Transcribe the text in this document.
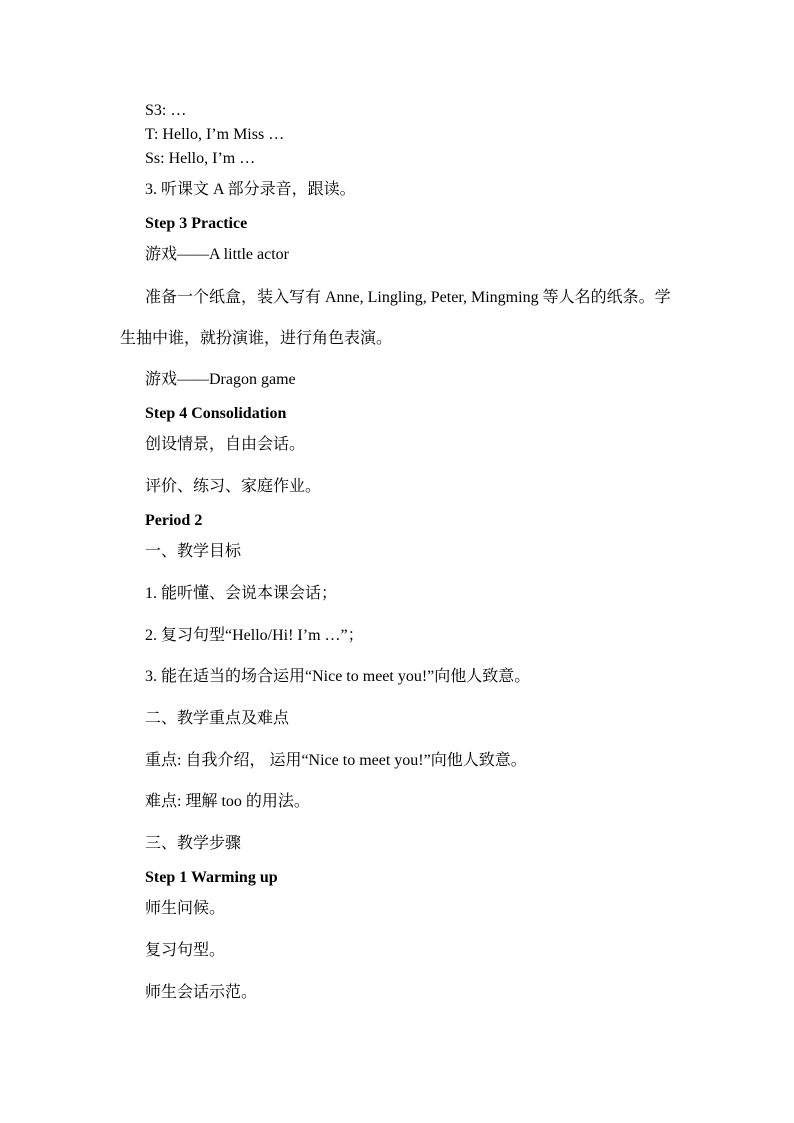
S3: …
T: Hello, I’m Miss …
Ss: Hello, I’m …
3. 听课文 A 部分录音，跟读。
Step 3 Practice
游戏——A little actor
准备一个纸盒，装入写有 Anne, Lingling, Peter, Mingming 等人名的纸条。学生抽中谁，就扮演谁，进行角色表演。
游戏——Dragon game
Step 4 Consolidation
创设情景，自由会话。
评价、练习、家庭作业。
Period 2
一、教学目标
1. 能听懂、会说本课会话；
2. 复习句型“Hello/Hi! I’m …”；
3. 能在适当的场合运用“Nice to meet you!”向他人致意。
二、教学重点及难点
重点: 自我介绍， 运用“Nice to meet you!”向他人致意。
难点: 理解 too 的用法。
三、教学步骤
Step 1 Warming up
师生问候。
复习句型。
师生会话示范。
